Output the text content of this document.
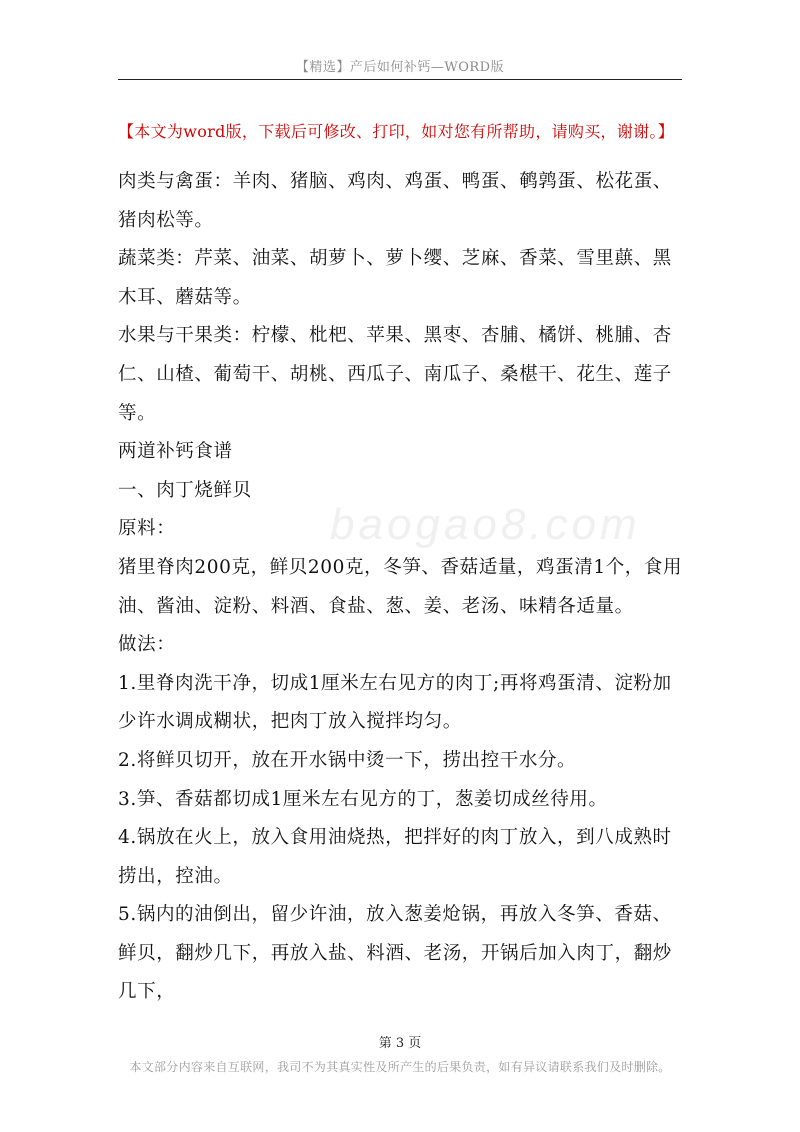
【精选】产后如何补钙—WORD版
baogao8.com
【本文为word版，下载后可修改、打印，如对您有所帮助，请购买，谢谢。】

肉类与禽蛋：羊肉、猪脑、鸡肉、鸡蛋、鸭蛋、鹌鹑蛋、松花蛋、猪肉松等。

蔬菜类：芹菜、油菜、胡萝卜、萝卜缨、芝麻、香菜、雪里蕻、黑木耳、蘑菇等。

水果与干果类：柠檬、枇杷、苹果、黑枣、杏脯、橘饼、桃脯、杏仁、山楂、葡萄干、胡桃、西瓜子、南瓜子、桑椹干、花生、莲子等。

两道补钙食谱

一、肉丁烧鲜贝

原料：

猪里脊肉200克，鲜贝200克，冬笋、香菇适量，鸡蛋清1个，食用油、酱油、淀粉、料酒、食盐、葱、姜、老汤、味精各适量。

做法：

1.里脊肉洗干净，切成1厘米左右见方的肉丁;再将鸡蛋清、淀粉加少许水调成糊状，把肉丁放入搅拌均匀。

2.将鲜贝切开，放在开水锅中烫一下，捞出控干水分。

3.笋、香菇都切成1厘米左右见方的丁，葱姜切成丝待用。

4.锅放在火上，放入食用油烧热，把拌好的肉丁放入，到八成熟时捞出，控油。

5.锅内的油倒出，留少许油，放入葱姜炝锅，再放入冬笋、香菇、鲜贝，翻炒几下，再放入盐、料酒、老汤，开锅后加入肉丁，翻炒几下，

第 3 页
本文部分内容来自互联网，我司不为其真实性及所产生的后果负责，如有异议请联系我们及时删除。
